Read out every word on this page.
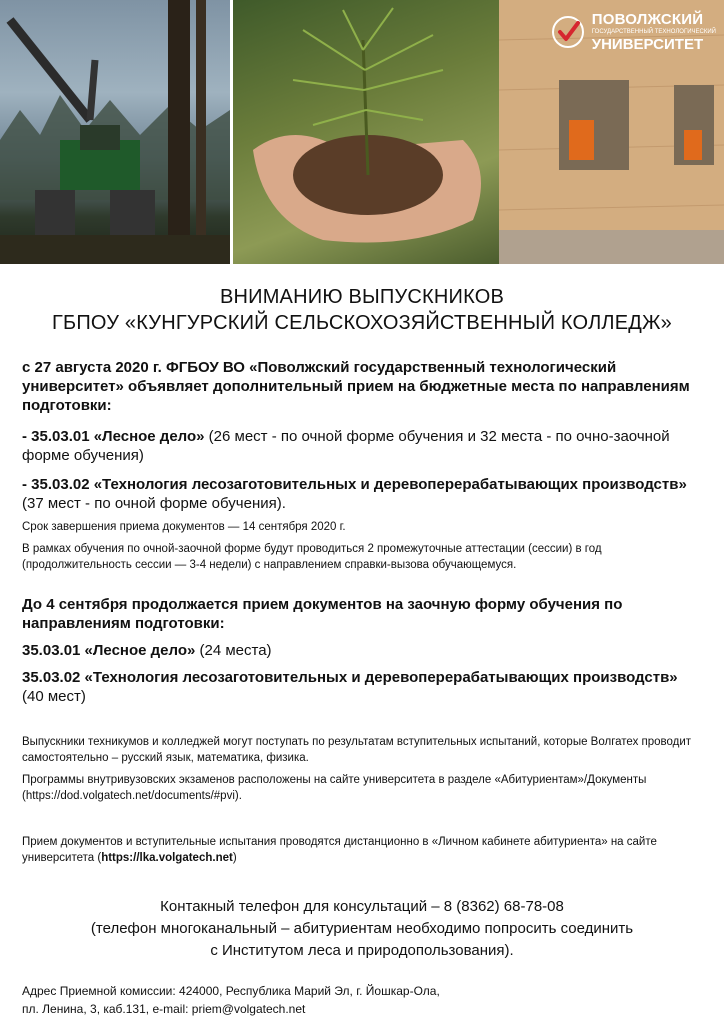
ПОВОЛЖСКИЙ
ГОСУДАРСТВЕННЫЙ ТЕХНОЛОГИЧЕСКИЙ
УНИВЕРСИТЕТ
ВНИМАНИЮ ВЫПУСКНИКОВ
ГБПОУ «КУНГУРСКИЙ СЕЛЬСКОХОЗЯЙСТВЕННЫЙ КОЛЛЕДЖ»

с 27 августа 2020 г. ФГБОУ ВО «Поволжский государственный технологический университет» объявляет дополнительный прием на бюджетные места по направлениям подготовки:

- 35.03.01 «Лесное дело» (26 мест - по очной форме обучения и 32 места - по очно-заочной форме обучения)

- 35.03.02 «Технология лесозаготовительных и деревоперерабатывающих производств» (37 мест - по очной форме обучения).

Срок завершения приема документов — 14 сентября 2020 г.

В рамках обучения по очной-заочной форме будут проводиться 2 промежуточные аттестации (сессии) в год (продолжительность сессии — 3-4 недели) с направлением справки-вызова обучающемуся.

До 4 сентября продолжается прием документов на заочную форму обучения по направлениям подготовки:

35.03.01 «Лесное дело» (24 места)

35.03.02 «Технология лесозаготовительных и деревоперерабатывающих производств»
(40 мест)

Выпускники техникумов и колледжей могут поступать по результатам вступительных испытаний, которые Волгатех проводит самостоятельно – русский язык, математика, физика.

Программы внутривузовских экзаменов расположены на сайте университета в разделе «Абитуриентам»/Документы (https://dod.volgatech.net/documents/#pvi).

Прием документов и вступительные испытания проводятся дистанционно в «Личном кабинете абитуриента» на сайте университета (https://lka.volgatech.net)

Контакный телефон для консультаций – 8 (8362) 68-78-08
(телефон многоканальный – абитуриентам необходимо попросить соединить
с Институтом леса и природопользования).
Адрес Приемной комиссии: 424000, Республика Марий Эл, г. Йошкар-Ола,
пл. Ленина, 3, каб.131, e-mail: priem@volgatech.net
